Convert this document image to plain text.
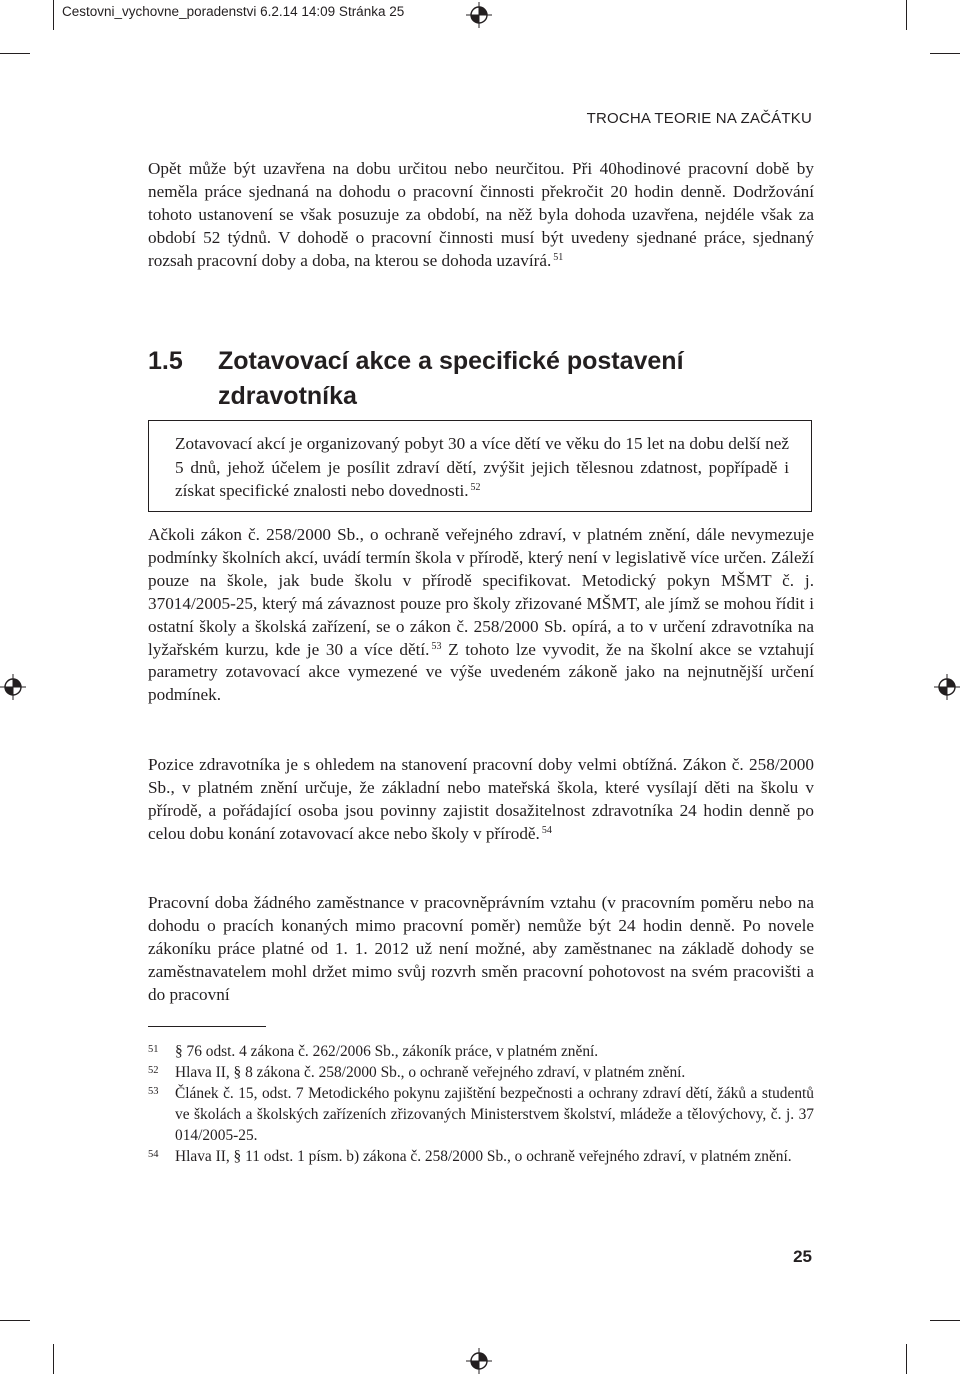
Cestovni_vychovne_poradenstvi 6.2.14 14:09 Stránka 25
TROCHA TEORIE NA ZAČÁTKU
Opět může být uzavřena na dobu určitou nebo neurčitou. Při 40hodinové pracovní době by neměla práce sjednaná na dohodu o pracovní činnosti překročit 20 hodin denně. Dodržování tohoto ustanovení se však posuzuje za období, na něž byla dohoda uzavřena, nejdéle však za období 52 týdnů. V dohodě o pracovní činnosti musí být uvedeny sjednané práce, sjednaný rozsah pracovní doby a doba, na kterou se dohoda uzavírá. $^{51}$
1.5 Zotavovací akce a specifické postavení zdravotníka
Zotavovací akcí je organizovaný pobyt 30 a více dětí ve věku do 15 let na dobu delší než 5 dnů, jehož účelem je posílit zdraví dětí, zvýšit jejich tělesnou zdatnost, popřípadě i získat specifické znalosti nebo dovednosti. $^{52}$
Ačkoli zákon č. 258/2000 Sb., o ochraně veřejného zdraví, v platném znění, dále nevymezuje podmínky školních akcí, uvádí termín škola v přírodě, který není v legislativě více určen. Záleží pouze na škole, jak bude školu v přírodě specifikovat. Metodický pokyn MŠMT č. j. 37014/2005-25, který má závaznost pouze pro školy zřizované MŠMT, ale jímž se mohou řídit i ostatní školy a školská zařízení, se o zákon č. 258/2000 Sb. opírá, a to v určení zdravotníka na lyžařském kurzu, kde je 30 a více dětí. $^{53}$ Z tohoto lze vyvodit, že na školní akce se vztahují parametry zotavovací akce vymezené ve výše uvedeném zákoně jako na nejnutnější určení podmínek.
Pozice zdravotníka je s ohledem na stanovení pracovní doby velmi obtížná. Zákon č. 258/2000 Sb., v platném znění určuje, že základní nebo mateřská škola, které vysílají děti na školu v přírodě, a pořádající osoba jsou povinny zajistit dosažitelnost zdravotníka 24 hodin denně po celou dobu konání zotavovací akce nebo školy v přírodě. $^{54}$
Pracovní doba žádného zaměstnance v pracovněprávním vztahu (v pracovním poměru nebo na dohodu o pracích konaných mimo pracovní poměr) nemůže být 24 hodin denně. Po novele zákoníku práce platné od 1. 1. 2012 už není možné, aby zaměstnanec na základě dohody se zaměstnavatelem mohl držet mimo svůj rozvrh směn pracovní pohotovost na svém pracovišti a do pracovní
51 § 76 odst. 4 zákona č. 262/2006 Sb., zákoník práce, v platném znění.
52 Hlava II, § 8 zákona č. 258/2000 Sb., o ochraně veřejného zdraví, v platném znění.
53 Článek č. 15, odst. 7 Metodického pokynu zajištění bezpečnosti a ochrany zdraví dětí, žáků a studentů ve školách a školských zařízeních zřizovaných Ministerstvem školství, mládeže a tělovýchovy, č. j. 37 014/2005-25.
54 Hlava II, § 11 odst. 1 písm. b) zákona č. 258/2000 Sb., o ochraně veřejného zdraví, v platném znění.
25
